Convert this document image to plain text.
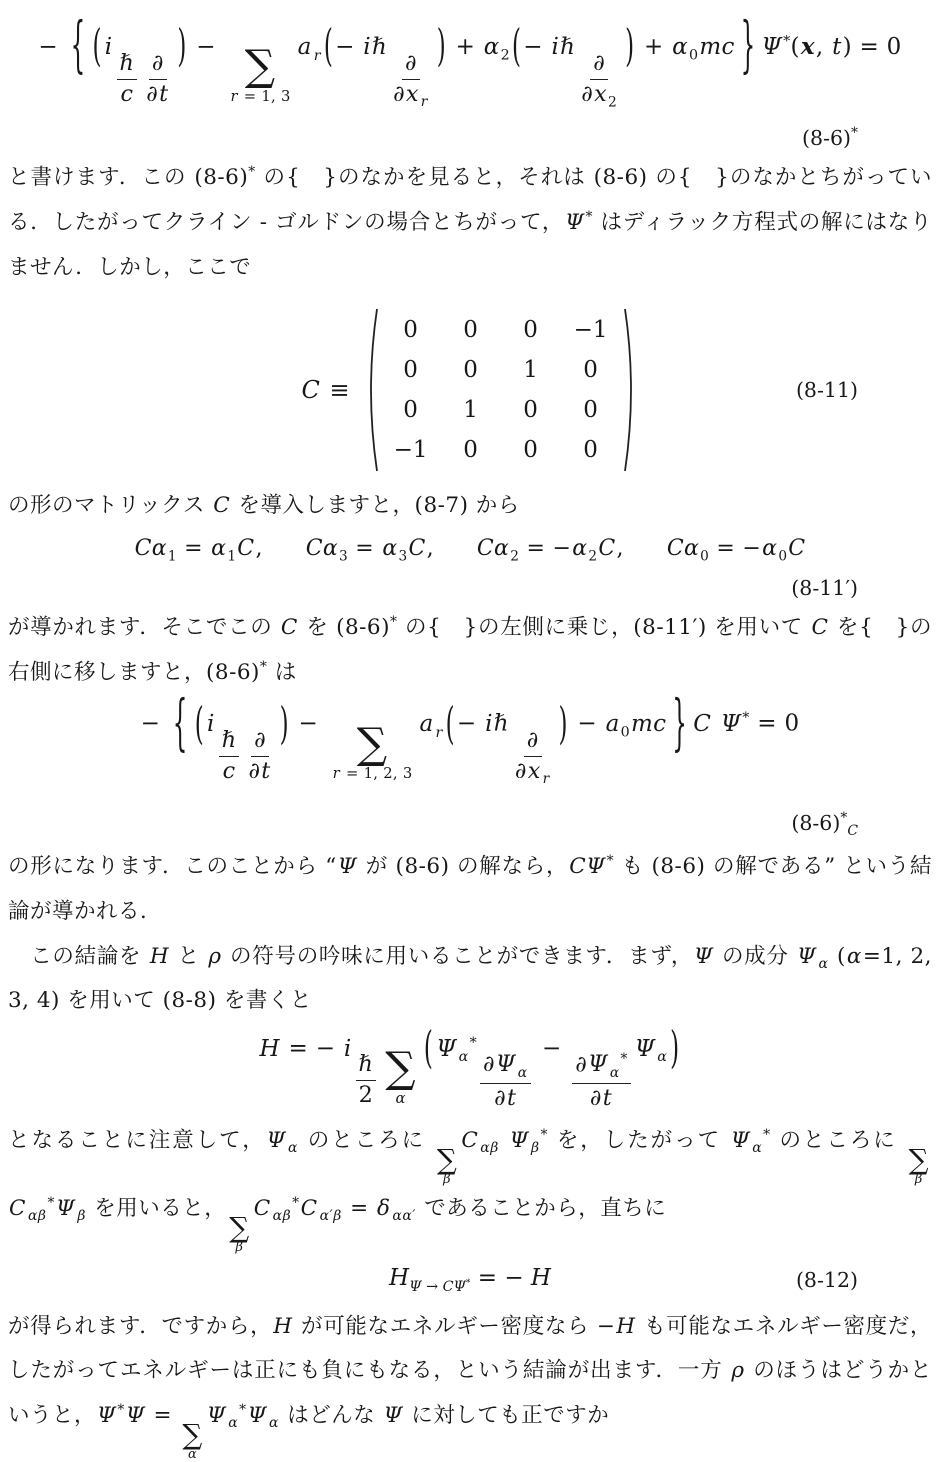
− { ( i
$\frac{\text{ℏ}}{c} \frac{\partial}{\partial t}$
) − ∑
r = 1, 3
a $_r$ (− iℏ
$\frac{\partial}{\partial x _r}$
) + $\alpha_2(-$ iℏ
$\frac{\partial}{\partial x_2}$
) + $\alpha_0mc$ } Ψ*(x, t) = 0
(8-6)*

と書けます．この (8-6)* の{　}のなかを見ると，それは (8-6) の{　}のなかとちがっている．したがってクライン - ゴルドンの場合とちがって，Ψ* はディラック方程式の解にはなりません．しかし，ここで

C ≡
0 0 0 −1
0 0 1 0
0 1 0 0
−1 0 0 0
(8-11)

の形のマトリックス C を導入しますと，(8-7) から

$C\alpha_1 = \alpha_1C$, $C\alpha_3 = \alpha_3C$, $C\alpha_2 = -\alpha_2C$, $C\alpha_0 = -\alpha_0C$
(8-11′)

が導かれます．そこでこの C を (8-6)* の{　}の左側に乗じ，(8-11′) を用いて C を{　}の右側に移しますと，(8-6)* は

− { ( i
$\frac{\text{ℏ}}{c} \frac{\partial}{\partial t}$
) − ∑
r = 1, 2, 3
a $_r$ (− iℏ
$\frac{\partial}{\partial x _r}$
) − $a_0mc$ } C Ψ* = 0
$(8-6)^*_C$

の形になります．このことから “Ψ が (8-6) の解なら，CΨ* も (8-6) の解である” という結論が導かれる．

　この結論を H と ρ の符号の吟味に用いることができます．まず，Ψ の成分 Ψ $_\alpha$ (α=1, 2, 3, 4) を用いて (8-8) を書くと

H = − i
$\frac{\text{ℏ}}{2}$ ∑
α
( Ψ $_\alpha$*
$\frac{\partial\Psi _\alpha}{\partial t}$
−
$\frac{\partial\Psi _\alpha^*}{\partial t}$
Ψ $_\alpha$ )

となることに注意して，Ψ $_\alpha$ のところに
∑
β
C $_{\alpha\beta}$ Ψ $_\beta$* を，したがって Ψ $_\alpha$* のところに
∑
β
C $_{\alpha\beta}$*Ψ $_\beta$ を用いると，
∑
β
C $_{\alpha\beta}$*C $_{\alpha'\beta}$ = δ $_{\alpha\alpha'}$ であることから，直ちに

$H_{\Psi \to C\Psi^*}$ = − H	(8-12)

が得られます．ですから，H が可能なエネルギー密度なら −H も可能なエネルギー密度だ，したがってエネルギーは正にも負にもなる，という結論が出ます．一方 ρ のほうはどうかというと，Ψ*Ψ =
∑
α
Ψ $_\alpha$*Ψ $_\alpha$ はどんな Ψ に対しても正ですか
